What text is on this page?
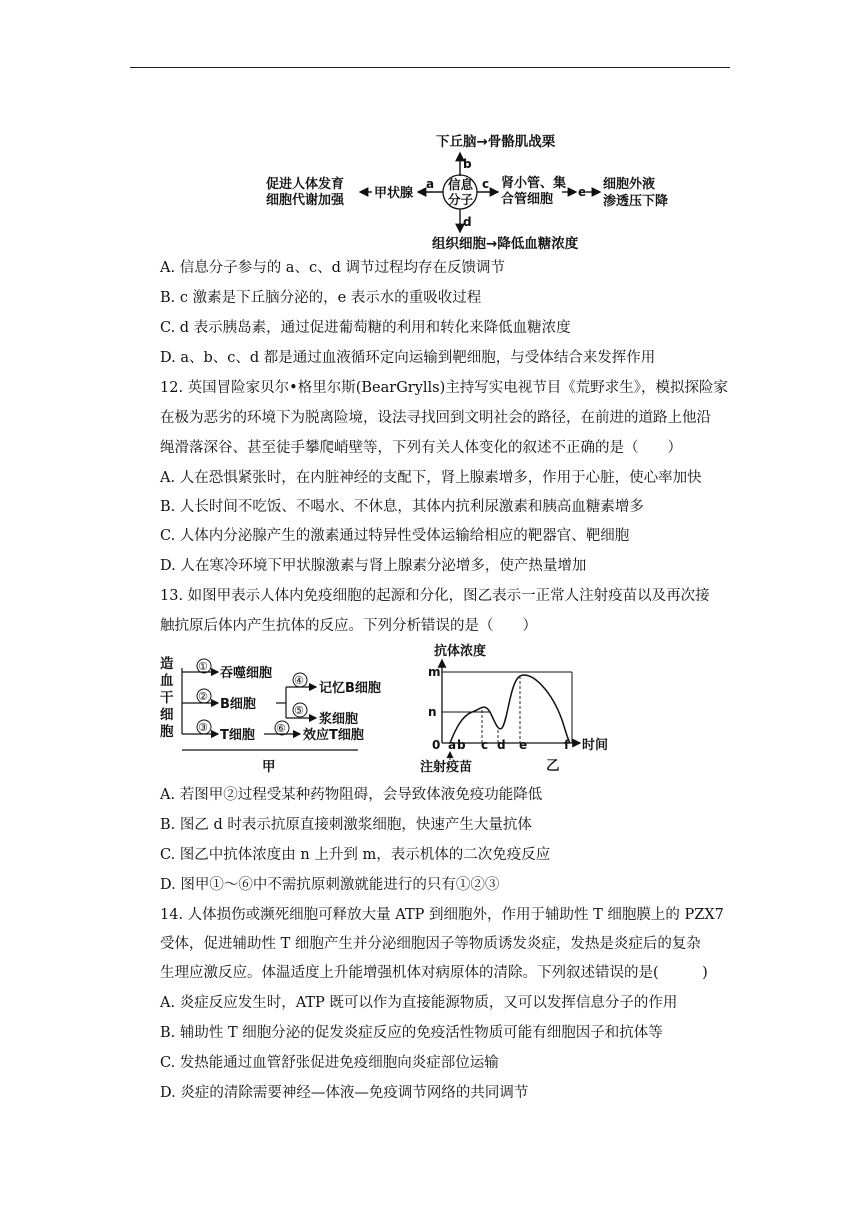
下丘脑→骨骼肌战栗
b
信息
分子
促进人体发育
细胞代谢加强 甲状腺
a	c 肾小管、集
合管细胞 e 细胞外液
渗透压下降
d
组织细胞→降低血糖浓度
A. 信息分子参与的 a、c、d 调节过程均存在反馈调节
B. c 激素是下丘脑分泌的，e 表示水的重吸收过程
C. d 表示胰岛素，通过促进葡萄糖的利用和转化来降低血糖浓度
D. a、b、c、d 都是通过血液循环定向运输到靶细胞，与受体结合来发挥作用
12. 英国冒险家贝尔•格里尔斯(BearGrylls)主持写实电视节目《荒野求生》，模拟探险家
在极为恶劣的环境下为脱离险境，设法寻找回到文明社会的路径，在前进的道路上他沿
绳滑落深谷、甚至徒手攀爬峭壁等，下列有关人体变化的叙述不正确的是（　　）
A. 人在恐惧紧张时，在内脏神经的支配下，肾上腺素增多，作用于心脏，使心率加快
B. 人长时间不吃饭、不喝水、不休息，其体内抗利尿激素和胰高血糖素增多
C. 人体内分泌腺产生的激素通过特异性受体运输给相应的靶器官、靶细胞
D. 人在寒冷环境下甲状腺激素与肾上腺素分泌增多，使产热量增加
13. 如图甲表示人体内免疫细胞的起源和分化，图乙表示一正常人注射疫苗以及再次接
触抗原后体内产生抗体的反应。下列分析错误的是（　　）
造
血
干
细
胞
① 吞噬细胞
②
B细胞
③
T细胞
④
⑤
记忆B细胞
浆细胞
⑥ 效应T细胞
甲
抗体浓度
时间
m
n
0 a b c d e	f
注射疫苗	乙
A. 若图甲②过程受某种药物阻碍，会导致体液免疫功能降低
B. 图乙 d 时表示抗原直接刺激浆细胞，快速产生大量抗体
C. 图乙中抗体浓度由 n 上升到 m，表示机体的二次免疫反应
D. 图甲①～⑥中不需抗原刺激就能进行的只有①②③
14. 人体损伤或濒死细胞可释放大量 ATP 到细胞外，作用于辅助性 T 细胞膜上的 PZX7
受体，促进辅助性 T 细胞产生并分泌细胞因子等物质诱发炎症，发热是炎症后的复杂
生理应激反应。体温适度上升能增强机体对病原体的清除。下列叙述错误的是(　　　)
A. 炎症反应发生时，ATP 既可以作为直接能源物质，又可以发挥信息分子的作用
B. 辅助性 T 细胞分泌的促发炎症反应的免疫活性物质可能有细胞因子和抗体等
C. 发热能通过血管舒张促进免疫细胞向炎症部位运输
D. 炎症的清除需要神经—体液—免疫调节网络的共同调节
